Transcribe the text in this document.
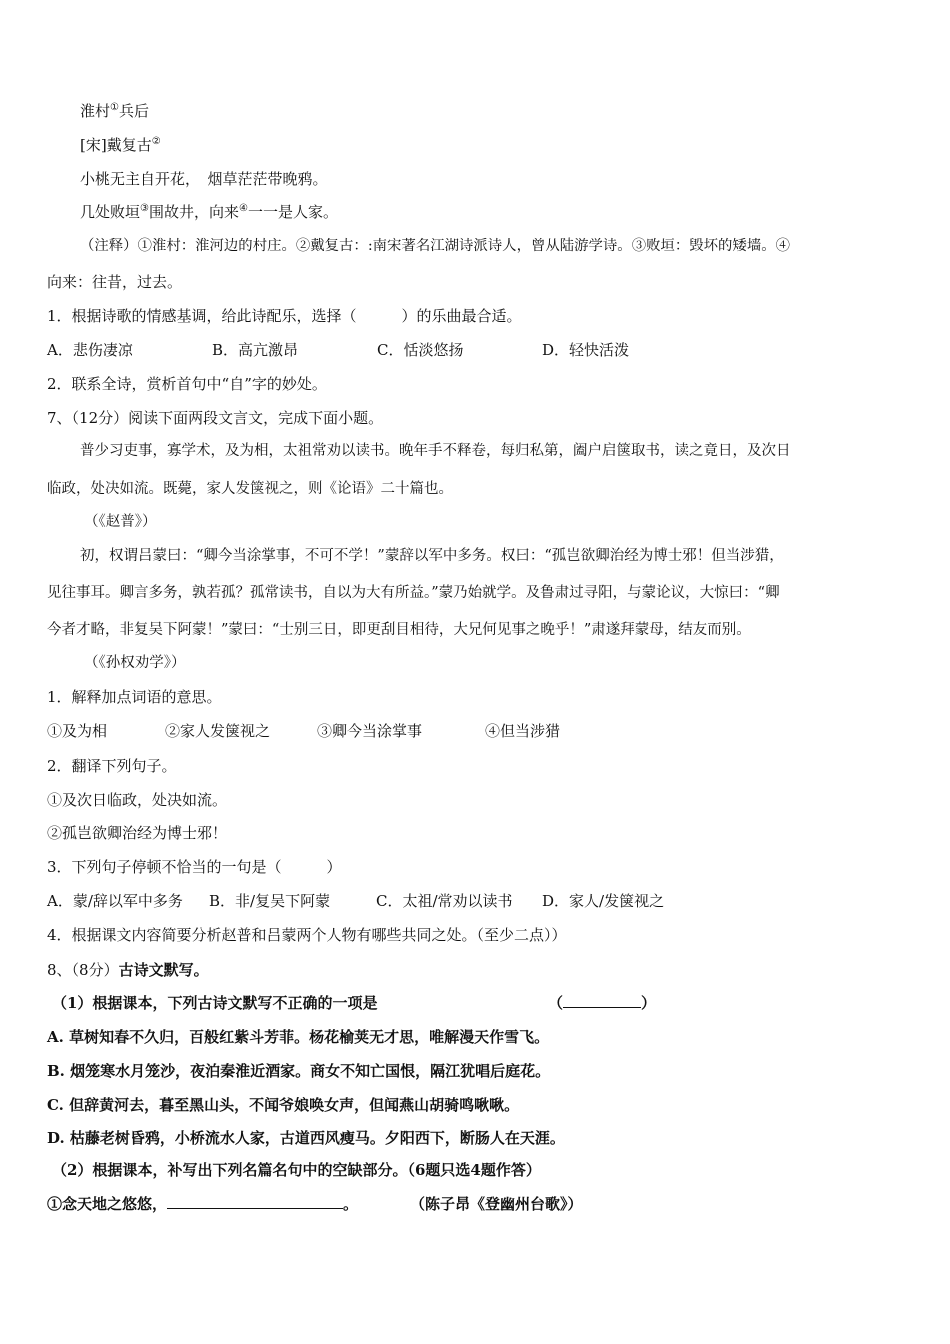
淮村①兵后
[宋]戴复古②
小桃无主自开花，　烟草茫茫带晚鸦。
几处败垣③围故井，向来④一一是人家。
（注释）①淮村：淮河边的村庄。②戴复古：:南宋著名江湖诗派诗人，曾从陆游学诗。③败垣：毁坏的矮墙。④
向来：往昔，过去。
1．根据诗歌的情感基调，给此诗配乐，选择（　　　）的乐曲最合适。
A．悲伤凄凉	B．高亢激昂	C．恬淡悠扬	D．轻快活泼
2．联系全诗，赏析首句中“自”字的妙处。
7、（12分）阅读下面两段文言文，完成下面小题。
普少习吏事，寡学术，及为相，太祖常劝以读书。晚年手不释卷，每归私第，阖户启箧取书，读之竟日，及次日
临政，处决如流。既薨，家人发箧视之，则《论语》二十篇也。
（《赵普》）
初，权谓吕蒙曰：“卿今当涂掌事，不可不学！”蒙辞以军中多务。权曰：“孤岂欲卿治经为博士邪！但当涉猎，
见往事耳。卿言多务，孰若孤？孤常读书，自以为大有所益。”蒙乃始就学。及鲁肃过寻阳，与蒙论议，大惊曰：“卿
今者才略，非复吴下阿蒙！”蒙曰：“士别三日，即更刮目相待，大兄何见事之晚乎！”肃遂拜蒙母，结友而别。
（《孙权劝学》）
1．解释加点词语的意思。
①及为相	②家人发箧视之	③卿今当涂掌事	④但当涉猎
2．翻译下列句子。
①及次日临政，处决如流。
②孤岂欲卿治经为博士邪！
3．下列句子停顿不恰当的一句是（　　　）
A．蒙/辞以军中多务 B．非/复吴下阿蒙	C．太祖/常劝以读书 D．家人/发箧视之
4．根据课文内容简要分析赵普和吕蒙两个人物有哪些共同之处。（至少二点））
8、（8分）古诗文默写。
（1）根据课本，下列古诗文默写不正确的一项是	（	）
A. 草树知春不久归，百般红紫斗芳菲。杨花榆荚无才思，唯解漫天作雪飞。
B. 烟笼寒水月笼沙，夜泊秦淮近酒家。商女不知亡国恨，隔江犹唱后庭花。
C. 但辞黄河去，暮至黑山头，不闻爷娘唤女声，但闻燕山胡骑鸣啾啾。
D. 枯藤老树昏鸦，小桥流水人家，古道西风瘦马。夕阳西下，断肠人在天涯。
（2）根据课本，补写出下列名篇名句中的空缺部分。（6题只选4题作答）
①念天地之悠悠，	。	（陈子昂《登幽州台歌》）
